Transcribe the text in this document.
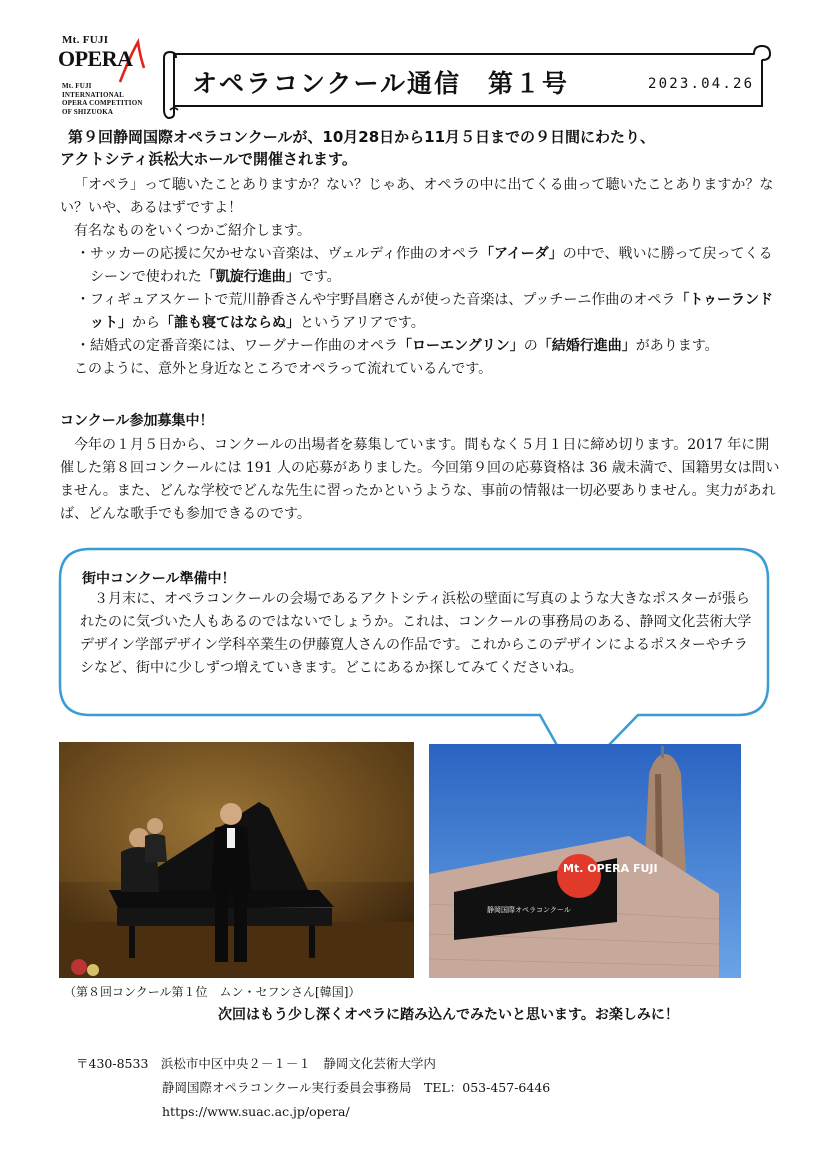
Mt. FUJI
OPERA
Mt. FUJI
INTERNATIONAL
OPERA COMPETITION
OF SHIZUOKA
オペラコンクール通信　第１号	2023.04.26
第９回静岡国際オペラコンクールが、10月28日から11月５日までの９日間にわたり、
アクトシティ浜松大ホールで開催されます。
「オペラ」って聴いたことありますか？ない？じゃあ、オペラの中に出てくる曲って聴いたことありますか？ない？いや、あるはずですよ！
有名なものをいくつかご紹介します。
・サッカーの応援に欠かせない音楽は、ヴェルディ作曲のオペラ「アイーダ」の中で、戦いに勝って戻ってくるシーンで使われた「凱旋行進曲」です。
・フィギュアスケートで荒川静香さんや宇野昌磨さんが使った音楽は、プッチーニ作曲のオペラ「トゥーランドット」から「誰も寝てはならぬ」というアリアです。
・結婚式の定番音楽には、ワーグナー作曲のオペラ「ローエングリン」の「結婚行進曲」があります。
このように、意外と身近なところでオペラって流れているんです。
コンクール参加募集中！
今年の１月５日から、コンクールの出場者を募集しています。間もなく５月１日に締め切ります。2017 年に開催した第８回コンクールには 191 人の応募がありました。今回第９回の応募資格は 36 歳未満で、国籍男女は問いません。また、どんな学校でどんな先生に習ったかというような、事前の情報は一切必要ありません。実力があれば、どんな歌手でも参加できるのです。
街中コンクール準備中！
３月末に、オペラコンクールの会場であるアクトシティ浜松の壁面に写真のような大きなポスターが張られたのに気づいた人もあるのではないでしょうか。これは、コンクールの事務局のある、静岡文化芸術大学デザイン学部デザイン学科卒業生の伊藤寛人さんの作品です。これからこのデザインによるポスターやチラシなど、街中に少しずつ増えていきます。どこにあるか探してみてくださいね。
Mt. OPERA FUJI
静岡国際オペラコンクール
（第８回コンクール第１位　ムン・セフンさん[韓国]）
次回はもう少し深くオペラに踏み込んでみたいと思います。お楽しみに！
〒430-8533　浜松市中区中央２－１－１　静岡文化芸術大学内
静岡国際オペラコンクール実行委員会事務局　TEL：053-457-6446
https://www.suac.ac.jp/opera/
